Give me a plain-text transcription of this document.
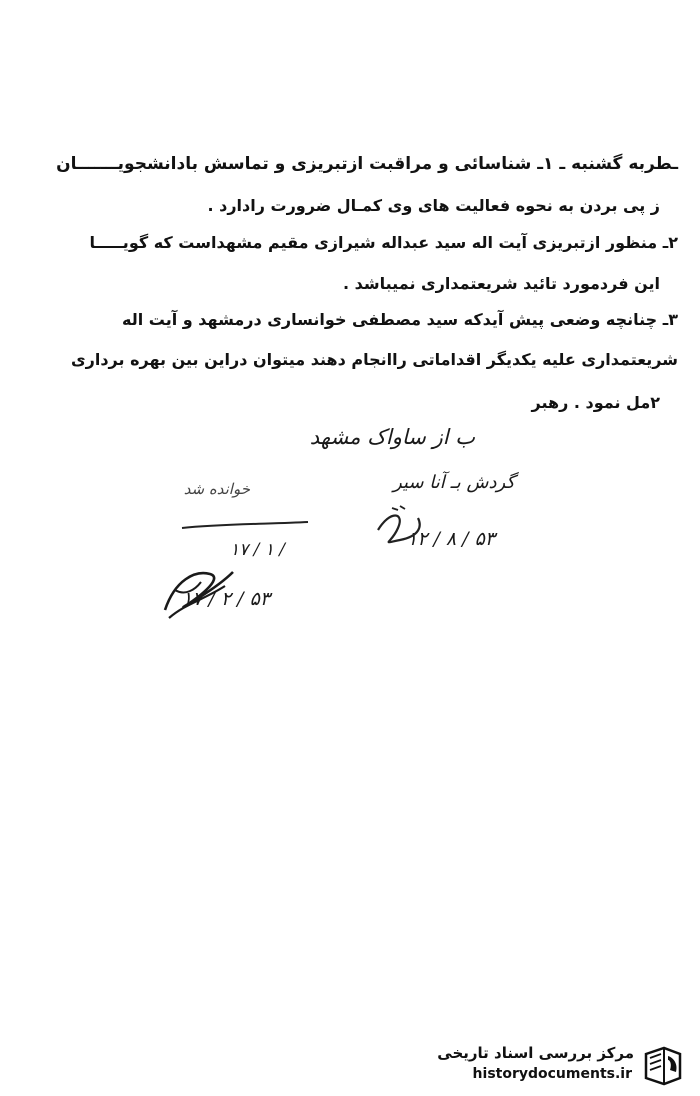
ـطربه گشنبه ـ ۱ـ شناسائی و مراقبت ازتبریزی و تماسش بادانشجویـــــــان
ز پی بردن به نحوه فعالیت های وی کمـال ضرورت رادارد .
۲ـ منظور ازتبریزی آیت اله سید عبداله شیرازی مقیم مشهداست که گویـــــا
این فردمورد تائید شریعتمداری نمیباشد .
۳ـ چنانچه وضعی پیش آیدکه سید مصطفی خوانساری درمشهد و آیت اله
شریعتمداری علیه یکدیگر اقداماتی راانجام دهند میتوان دراین بین بهره برداری
۲مل نمود . رهبر
ب از ساواک مشهد
گردش بـ آنا سیر
خوانده شد
۱۲ / ۸ / ۵۳
۱۷ / ۱ /
۱۷ / ۲ / ۵۳
مرکز بررسی اسناد تاریخی
historydocuments.ir
